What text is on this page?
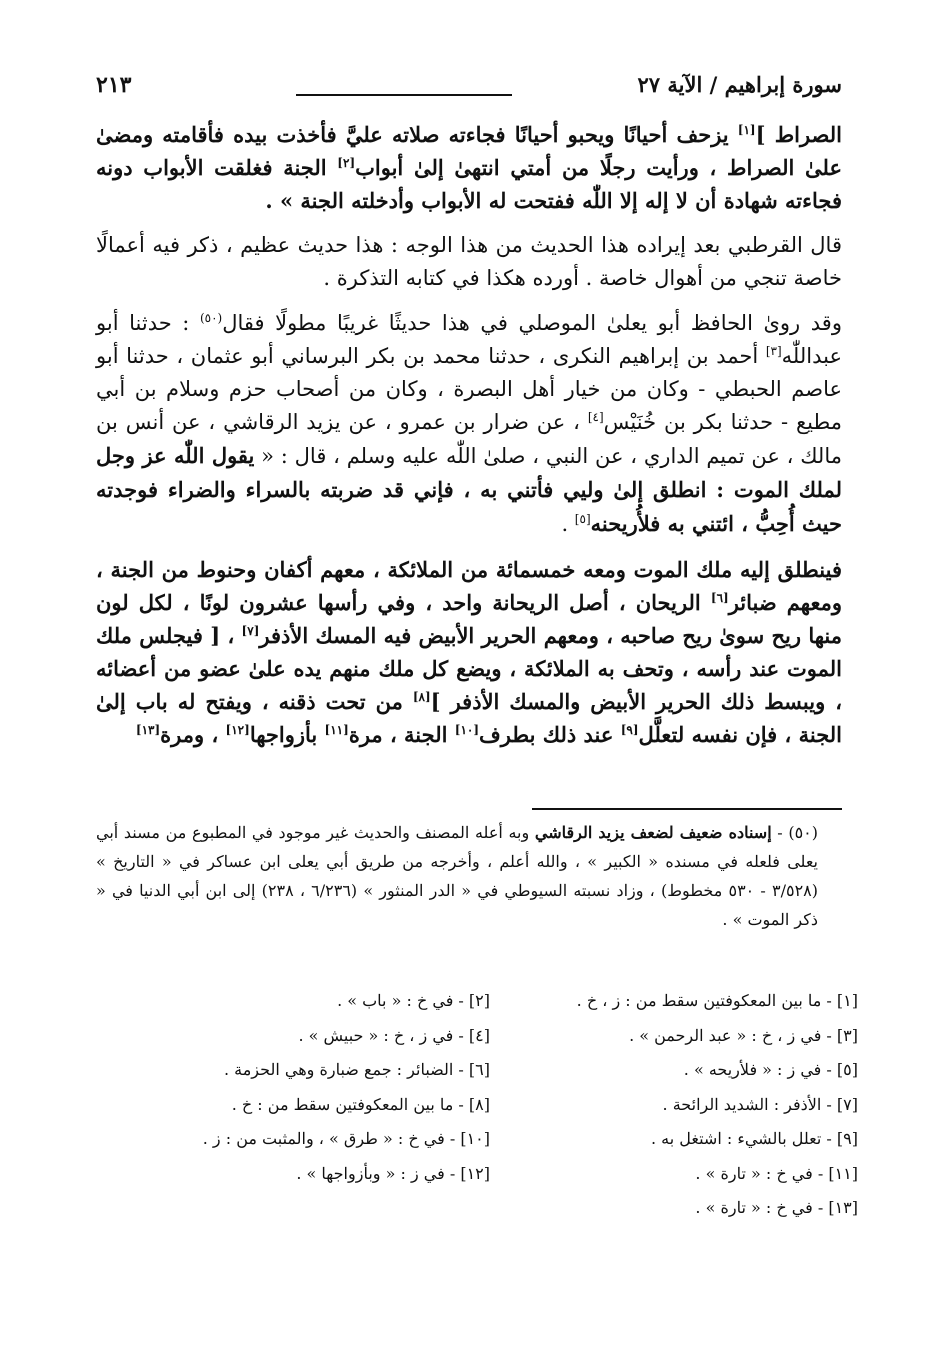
سورة إبراهيم / الآية ٢٧
٢١٣

الصراط ][١] يزحف أحيانًا ويحبو أحيانًا فجاءته صلاته عليَّ فأخذت بيده فأقامته ومضىٰ علىٰ الصراط ، ورأيت رجلًا من أمتي انتهىٰ إلىٰ أبواب[٢] الجنة فغلقت الأبواب دونه فجاءته شهادة أن لا إله إلا اللّٰه ففتحت له الأبواب وأدخلته الجنة » .

قال القرطبي بعد إيراده هذا الحديث من هذا الوجه : هذا حديث عظيم ، ذكر فيه أعمالًا خاصة تنجي من أهوال خاصة . أورده هكذا في كتابه التذكرة .

وقد روىٰ الحافظ أبو يعلىٰ الموصلي في هذا حديثًا غريبًا مطولًا فقال$^{(٥٠)}$ : حدثنا أبو عبداللّٰه[٣] أحمد بن إبراهيم النكرى ، حدثنا محمد بن بكر البرساني أبو عثمان ، حدثنا أبو عاصم الحبطي - وكان من خيار أهل البصرة ، وكان من أصحاب حزم وسلام بن أبي مطيع - حدثنا بكر بن خُنَيْس[٤] ، عن ضرار بن عمرو ، عن يزيد الرقاشي ، عن أنس بن مالك ، عن تميم الداري ، عن النبي ، صلىٰ اللّٰه عليه وسلم ، قال : « يقول اللّٰه عز وجل لملك الموت : انطلق إلىٰ وليي فأتني به ، فإني قد ضربته بالسراء والضراء فوجدته حيث أُحِبُّ ، ائتني به فلأُريحنه[٥] .

فينطلق إليه ملك الموت ومعه خمسمائة من الملائكة ، معهم أكفان وحنوط من الجنة ، ومعهم ضبائر[٦] الريحان ، أصل الريحانة واحد ، وفي رأسها عشرون لونًا ، لكل لون منها ريح سوىٰ ريح صاحبه ، ومعهم الحرير الأبيض فيه المسك الأذفر[٧] ، [ فيجلس ملك الموت عند رأسه ، وتحف به الملائكة ، ويضع كل ملك منهم يده علىٰ عضو من أعضائه ، ويبسط ذلك الحرير الأبيض والمسك الأذفر ][٨] من تحت ذقنه ، ويفتح له باب إلىٰ الجنة ، فإن نفسه لتعلَّل[٩] عند ذلك بطرف[١٠] الجنة ، مرة[١١] بأزواجها[١٢] ، ومرة[١٣]

(٥٠) - إسناده ضعيف لضعف يزيد الرقاشي وبه أعله المصنف والحديث غير موجود في المطبوع من مسند أبي يعلى فلعله في مسنده « الكبير » ، والله أعلم ، وأخرجه من طريق أبي يعلى ابن عساكر في « التاريخ » (٣/٥٢٨ - ٥٣٠ مخطوط) ، وزاد نسبته السيوطي في « الدر المنثور » (٦/٢٣٦ ، ٢٣٨) إلى ابن أبي الدنيا في « ذكر الموت » .
[١] - ما بين المعكوفتين سقط من : ز ، خ .
[٣] - في ز ، خ : « عبد الرحمن » .
[٥] - في ز : « فلأريحه » .
[٧] - الأذفر : الشديد الرائحة .
[٩] - تعلل بالشيء : اشتغل به .
[١١] - في خ : « تارة » .
[١٣] - في خ : « تارة » .
[٢] - في خ : « باب » .
[٤] - في ز ، خ : « حبيش » .
[٦] - الضبائر : جمع ضبارة وهي الحزمة .
[٨] - ما بين المعكوفتين سقط من : خ .
[١٠] - في خ : « طرق » ، والمثبت من : ز .
[١٢] - في ز : « وبأزواجها » .
